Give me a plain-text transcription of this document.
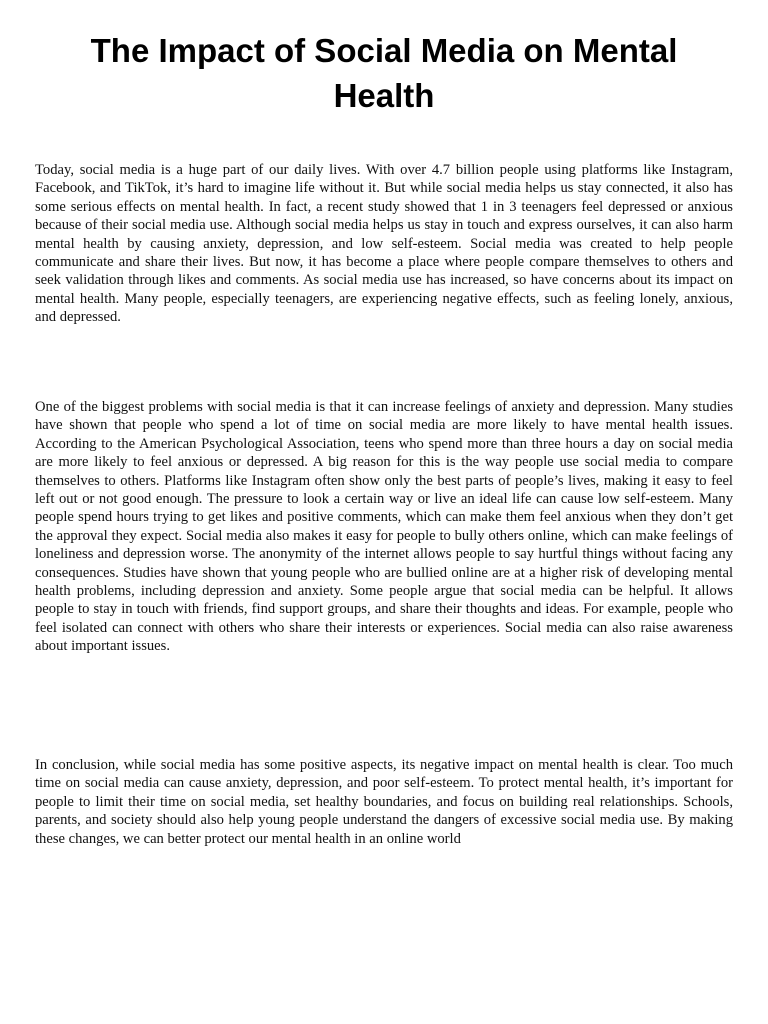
The Impact of Social Media on Mental Health

Today, social media is a huge part of our daily lives. With over 4.7 billion people using platforms like Instagram, Facebook, and TikTok, it’s hard to imagine life without it. But while social media helps us stay connected, it also has some serious effects on mental health. In fact, a recent study showed that 1 in 3 teenagers feel depressed or anxious because of their social media use. Although social media helps us stay in touch and express ourselves, it can also harm mental health by causing anxiety, depression, and low self-esteem. Social media was created to help people communicate and share their lives. But now, it has become a place where people compare themselves to others and seek validation through likes and comments. As social media use has increased, so have concerns about its impact on mental health. Many people, especially teenagers, are experiencing negative effects, such as feeling lonely, anxious, and depressed.

One of the biggest problems with social media is that it can increase feelings of anxiety and depression. Many studies have shown that people who spend a lot of time on social media are more likely to have mental health issues. According to the American Psychological Association, teens who spend more than three hours a day on social media are more likely to feel anxious or depressed. A big reason for this is the way people use social media to compare themselves to others. Platforms like Instagram often show only the best parts of people’s lives, making it easy to feel left out or not good enough. The pressure to look a certain way or live an ideal life can cause low self-esteem. Many people spend hours trying to get likes and positive comments, which can make them feel anxious when they don’t get the approval they expect. Social media also makes it easy for people to bully others online, which can make feelings of loneliness and depression worse. The anonymity of the internet allows people to say hurtful things without facing any consequences. Studies have shown that young people who are bullied online are at a higher risk of developing mental health problems, including depression and anxiety. Some people argue that social media can be helpful. It allows people to stay in touch with friends, find support groups, and share their thoughts and ideas. For example, people who feel isolated can connect with others who share their interests or experiences. Social media can also raise awareness about important issues.

In conclusion, while social media has some positive aspects, its negative impact on mental health is clear. Too much time on social media can cause anxiety, depression, and poor self-esteem. To protect mental health, it’s important for people to limit their time on social media, set healthy boundaries, and focus on building real relationships. Schools, parents, and society should also help young people understand the dangers of excessive social media use. By making these changes, we can better protect our mental health in an online world
